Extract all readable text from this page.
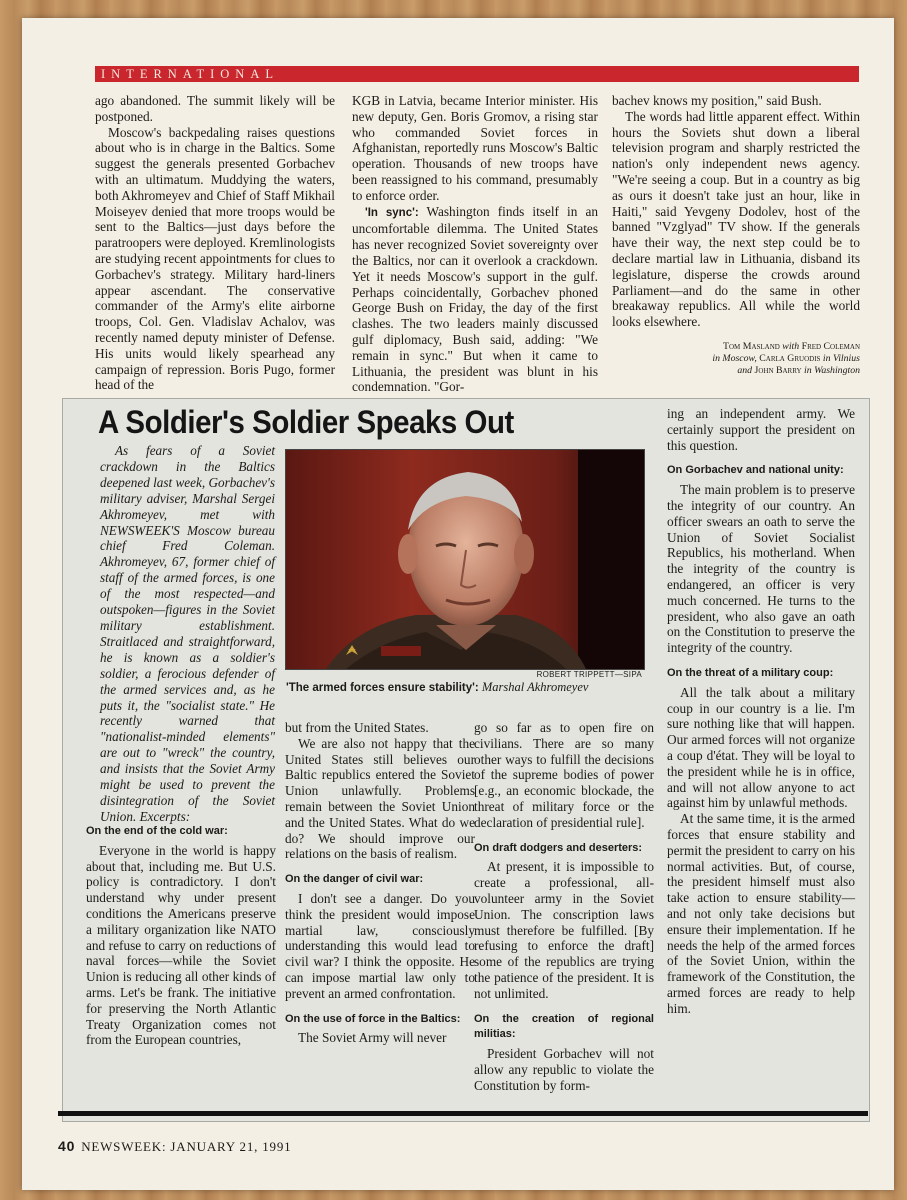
INTERNATIONAL

ago abandoned. The summit likely will be postponed.

Moscow's backpedaling raises questions about who is in charge in the Baltics. Some suggest the generals presented Gorbachev with an ultimatum. Muddying the waters, both Akhromeyev and Chief of Staff Mikhail Moiseyev denied that more troops would be sent to the Baltics—just days before the paratroopers were deployed. Kremlinologists are studying recent appointments for clues to Gorbachev's strategy. Military hard-liners appear ascendant. The conservative commander of the Army's elite airborne troops, Col. Gen. Vladislav Achalov, was recently named deputy minister of Defense. His units would likely spearhead any campaign of repression. Boris Pugo, former head of the

KGB in Latvia, became Interior minister. His new deputy, Gen. Boris Gromov, a rising star who commanded Soviet forces in Afghanistan, reportedly runs Moscow's Baltic operation. Thousands of new troops have been reassigned to his command, presumably to enforce order.

'In sync': Washington finds itself in an uncomfortable dilemma. The United States has never recognized Soviet sovereignty over the Baltics, nor can it overlook a crackdown. Yet it needs Moscow's support in the gulf. Perhaps coincidentally, Gorbachev phoned George Bush on Friday, the day of the first clashes. The two leaders mainly discussed gulf diplomacy, Bush said, adding: "We remain in sync." But when it came to Lithuania, the president was blunt in his condemnation. "Gor-

bachev knows my position," said Bush.

The words had little apparent effect. Within hours the Soviets shut down a liberal television program and sharply restricted the nation's only independent news agency. "We're seeing a coup. But in a country as big as ours it doesn't take just an hour, like in Haiti," said Yevgeny Dodolev, host of the banned "Vzglyad" TV show. If the generals have their way, the next step could be to declare martial law in Lithuania, disband its legislature, disperse the crowds around Parliament—and do the same in other breakaway republics. All while the world looks elsewhere.

Tom Masland with Fred Coleman
in Moscow, Carla Gruodis in Vilnius
and John Barry in Washington
A Soldier's Soldier Speaks Out

As fears of a Soviet crackdown in the Baltics deepened last week, Gorbachev's military adviser, Marshal Sergei Akhromeyev, met with NEWSWEEK'S Moscow bureau chief Fred Coleman. Akhromeyev, 67, former chief of staff of the armed forces, is one of the most respected—and outspoken—figures in the Soviet military establishment. Straitlaced and straightforward, he is known as a soldier's soldier, a ferocious defender of the armed services and, as he puts it, the "socialist state." He recently warned that "nationalist-minded elements" are out to "wreck" the country, and insists that the Soviet Army might be used to prevent the disintegration of the Soviet Union. Excerpts:

ROBERT TRIPPETT—SIPA
'The armed forces ensure stability': Marshal Akhromeyev
On the end of the cold war:

Everyone in the world is happy about that, including me. But U.S. policy is contradictory. I don't understand why under present conditions the Americans preserve a military organization like NATO and refuse to carry on reductions of naval forces—while the Soviet Union is reducing all other kinds of arms. Let's be frank. The initiative for preserving the North Atlantic Treaty Organization comes not from the European countries,

but from the United States.

We are also not happy that the United States still believes our Baltic republics entered the Soviet Union unlawfully. Problems remain between the Soviet Union and the United States. What do we do? We should improve our relations on the basis of realism.

On the danger of civil war:

I don't see a danger. Do you think the president would impose martial law, consciously understanding this would lead to civil war? I think the opposite. He can impose martial law only to prevent an armed confrontation.

On the use of force in the Baltics:

The Soviet Army will never

go so far as to open fire on civilians. There are so many other ways to fulfill the decisions of the supreme bodies of power [e.g., an economic blockade, the threat of military force or the declaration of presidential rule].

On draft dodgers and deserters:

At present, it is impossible to create a professional, all-volunteer army in the Soviet Union. The conscription laws must therefore be fulfilled. [By refusing to enforce the draft] some of the republics are trying the patience of the president. It is not unlimited.

On the creation of regional militias:

President Gorbachev will not allow any republic to violate the Constitution by form-

ing an independent army. We certainly support the president on this question.

On Gorbachev and national unity:

The main problem is to preserve the integrity of our country. An officer swears an oath to serve the Union of Soviet Socialist Republics, his motherland. When the integrity of the country is endangered, an officer is very much concerned. He turns to the president, who also gave an oath on the Constitution to preserve the integrity of the country.

On the threat of a military coup:

All the talk about a military coup in our country is a lie. I'm sure nothing like that will happen. Our armed forces will not organize a coup d'état. They will be loyal to the president while he is in office, and will not allow anyone to act against him by unlawful methods.

At the same time, it is the armed forces that ensure stability and permit the president to carry on his normal activities. But, of course, the president himself must also take action to ensure stability—and not only take decisions but ensure their implementation. If he needs the help of the armed forces of the Soviet Union, within the framework of the Constitution, the armed forces are ready to help him.

40 NEWSWEEK: JANUARY 21, 1991
